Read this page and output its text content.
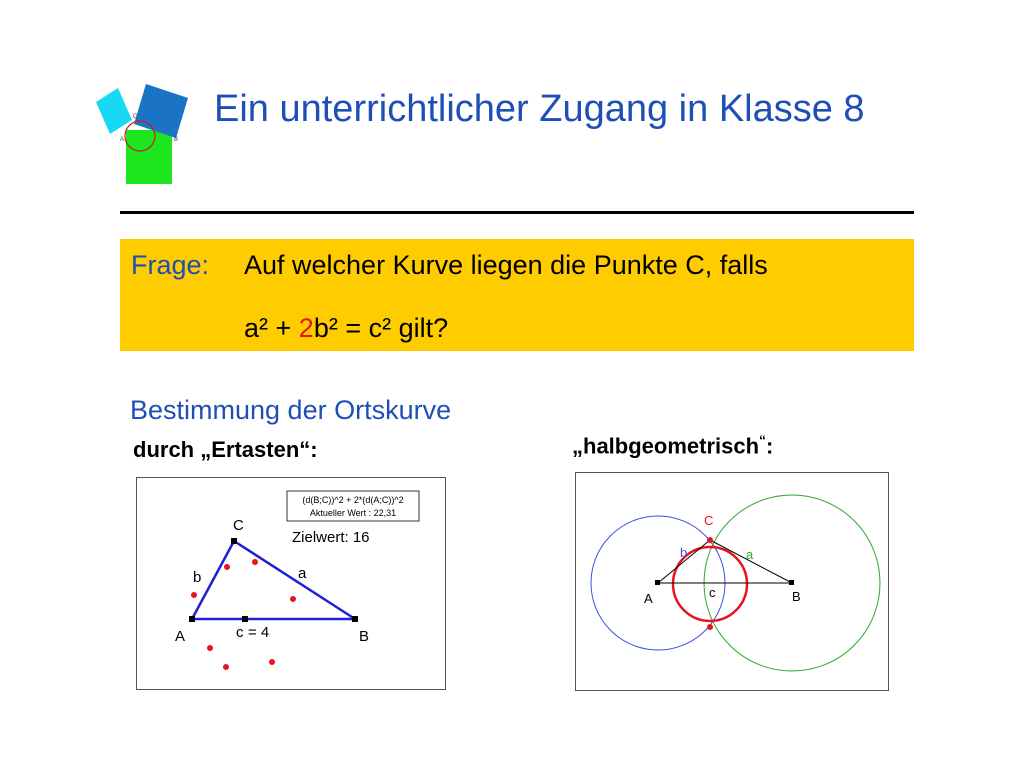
C
A	B
Ein unterrichtlicher Zugang in Klasse 8
Frage: Auf welcher Kurve liegen die Punkte C, falls
a² + 2b² = c² gilt?
Bestimmung der Ortskurve
durch „Ertasten“:	„halbgeometrisch“:
(d(B;C))^2 + 2*(d(A;C))^2
Aktueller Wert : 22,31
Zielwert: 16
C
A	B
a
b
c = 4
C
A	B
b	a
c
